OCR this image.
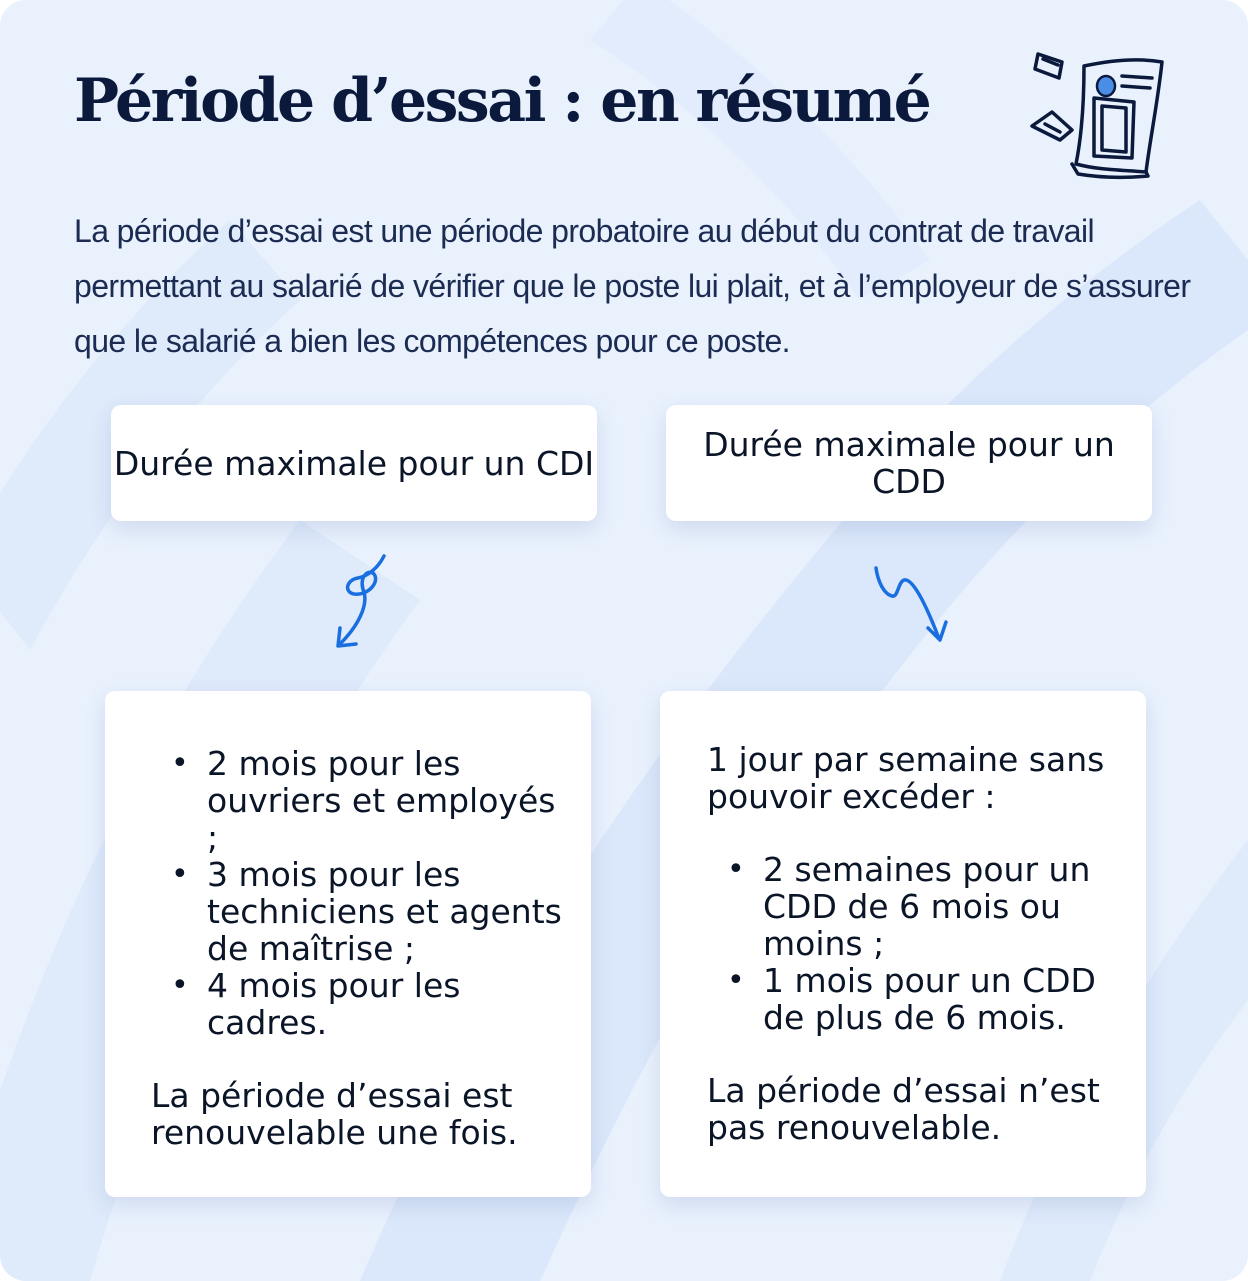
Période d’essai : en résumé

La période d’essai est une période probatoire au début du contrat de travail permettant au salarié de vérifier que le poste lui plait, et à l’employeur de s’assurer que le salarié a bien les compétences pour ce poste.

Durée maximale pour un CDI	Durée maximale pour un CDD
• 2 mois pour les ouvriers et employés ;
• 3 mois pour les techniciens et agents de maîtrise ;
• 4 mois pour les cadres.

La période d’essai est renouvelable une fois.

1 jour par semaine sans pouvoir excéder :

• 2 semaines pour un CDD de 6 mois ou moins ;
• 1 mois pour un CDD de plus de 6 mois.

La période d’essai n’est pas renouvelable.
